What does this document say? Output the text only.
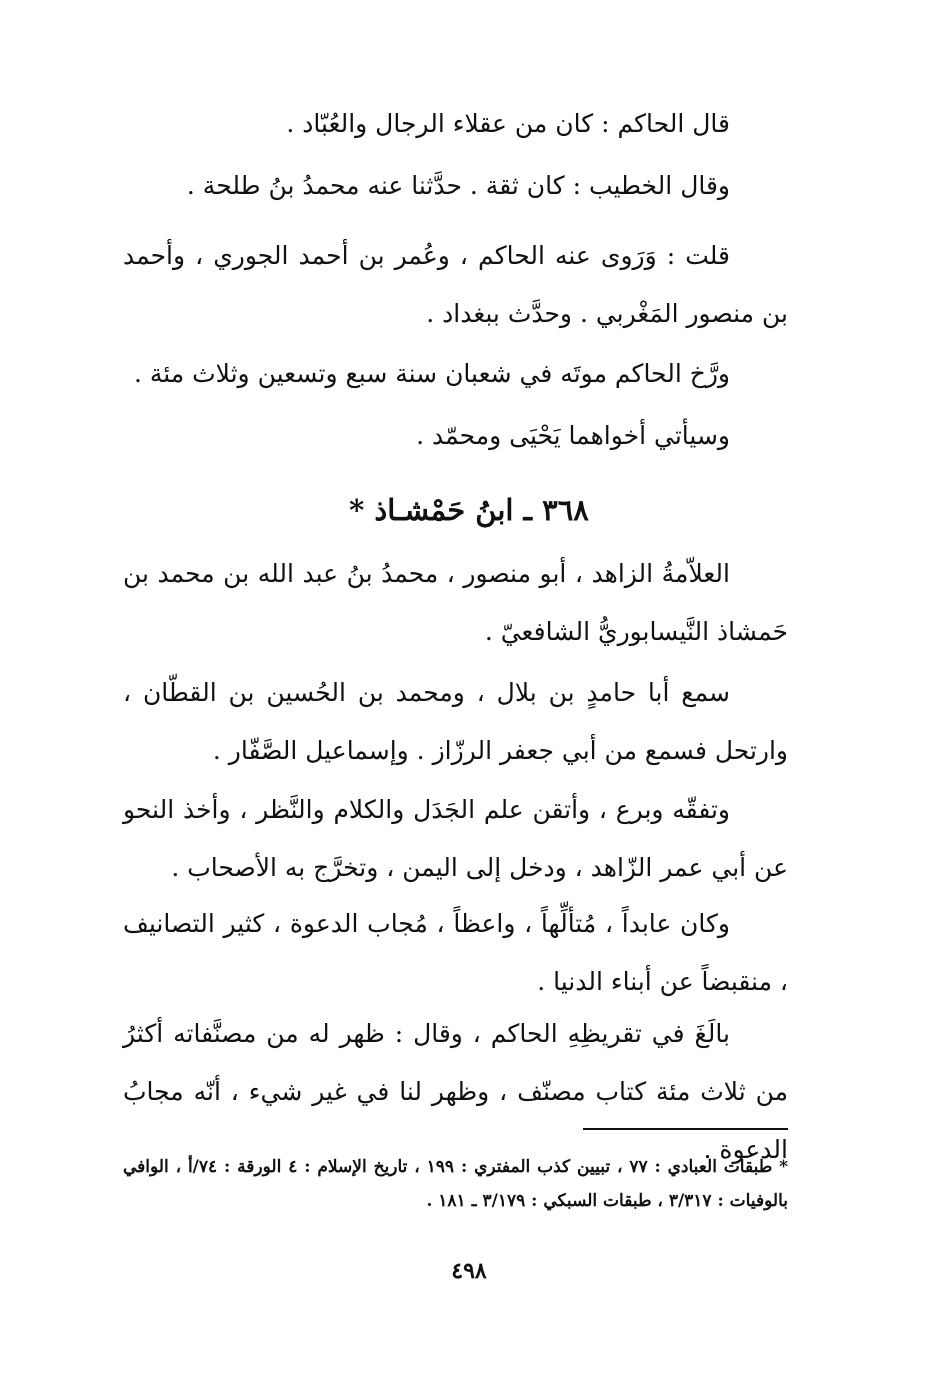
قال الحاكم : كان من عقلاء الرجال والعُبّاد .

وقال الخطيب : كان ثقة . حدَّثنا عنه محمدُ بنُ طلحة .

قلت : وَرَوى عنه الحاكم ، وعُمر بن أحمد الجوري ، وأحمد بن منصور المَغْربي . وحدَّث ببغداد .

ورَّخ الحاكم موتَه في شعبان سنة سبع وتسعين وثلاث مئة .

وسيأتي أخواهما يَحْيَى ومحمّد .

٣٦٨ ـ ابنُ حَمْشـاذ *

العلاّمةُ الزاهد ، أبو منصور ، محمدُ بنُ عبد الله بن محمد بن حَمشاذ النَّيسابوريُّ الشافعيّ .

سمع أبا حامدٍ بن بلال ، ومحمد بن الحُسين بن القطّان ، وارتحل فسمع من أبي جعفر الرزّاز . وإسماعيل الصَّفّار .

وتفقّه وبرع ، وأتقن علم الجَدَل والكلام والنَّظر ، وأخذ النحو عن أبي عمر الزّاهد ، ودخل إلى اليمن ، وتخرَّج به الأصحاب .

وكان عابداً ، مُتألِّهاً ، واعظاً ، مُجاب الدعوة ، كثير التصانيف ، منقبضاً عن أبناء الدنيا .

بالَغَ في تقريظِهِ الحاكم ، وقال : ظهر له من مصنَّفاته أكثرُ من ثلاث مئة كتاب مصنّف ، وظهر لنا في غير شيء ، أنّه مجابُ الدعوة .

* طبقات العبادي : ٧٧ ، تبيين كذب المفتري : ١٩٩ ، تاريخ الإسلام : ٤ الورقة : ٧٤/أ ، الوافي بالوفيات : ٣/٣١٧ ، طبقات السبكي : ٣/١٧٩ ـ ١٨١ .

٤٩٨
